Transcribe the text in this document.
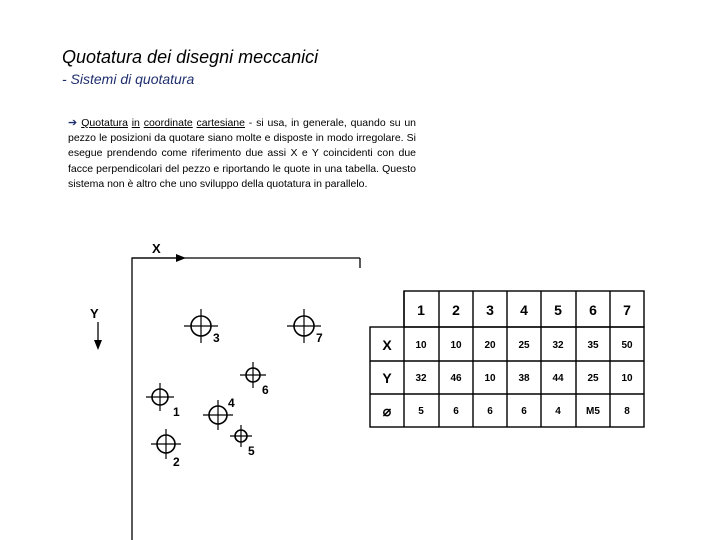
Quotatura dei disegni meccanici
- Sistemi di quotatura
➔ Quotatura in coordinate cartesiane - si usa, in generale, quando su un pezzo le posizioni da quotare siano molte e disposte in modo irregolare. Si esegue prendendo come riferimento due assi X e Y coincidenti con due facce perpendicolari del pezzo e riportando le quote in una tabella. Questo sistema non è altro che uno sviluppo della quotatura in parallelo.
X
Y
3	7
6
4
1
5
2
1 2 3 4 5 6 7
X 10 10 20 25 32 35 50
Y 32 46 10 38 44 25 10
⌀	5	6	6	6	4	M5 8
